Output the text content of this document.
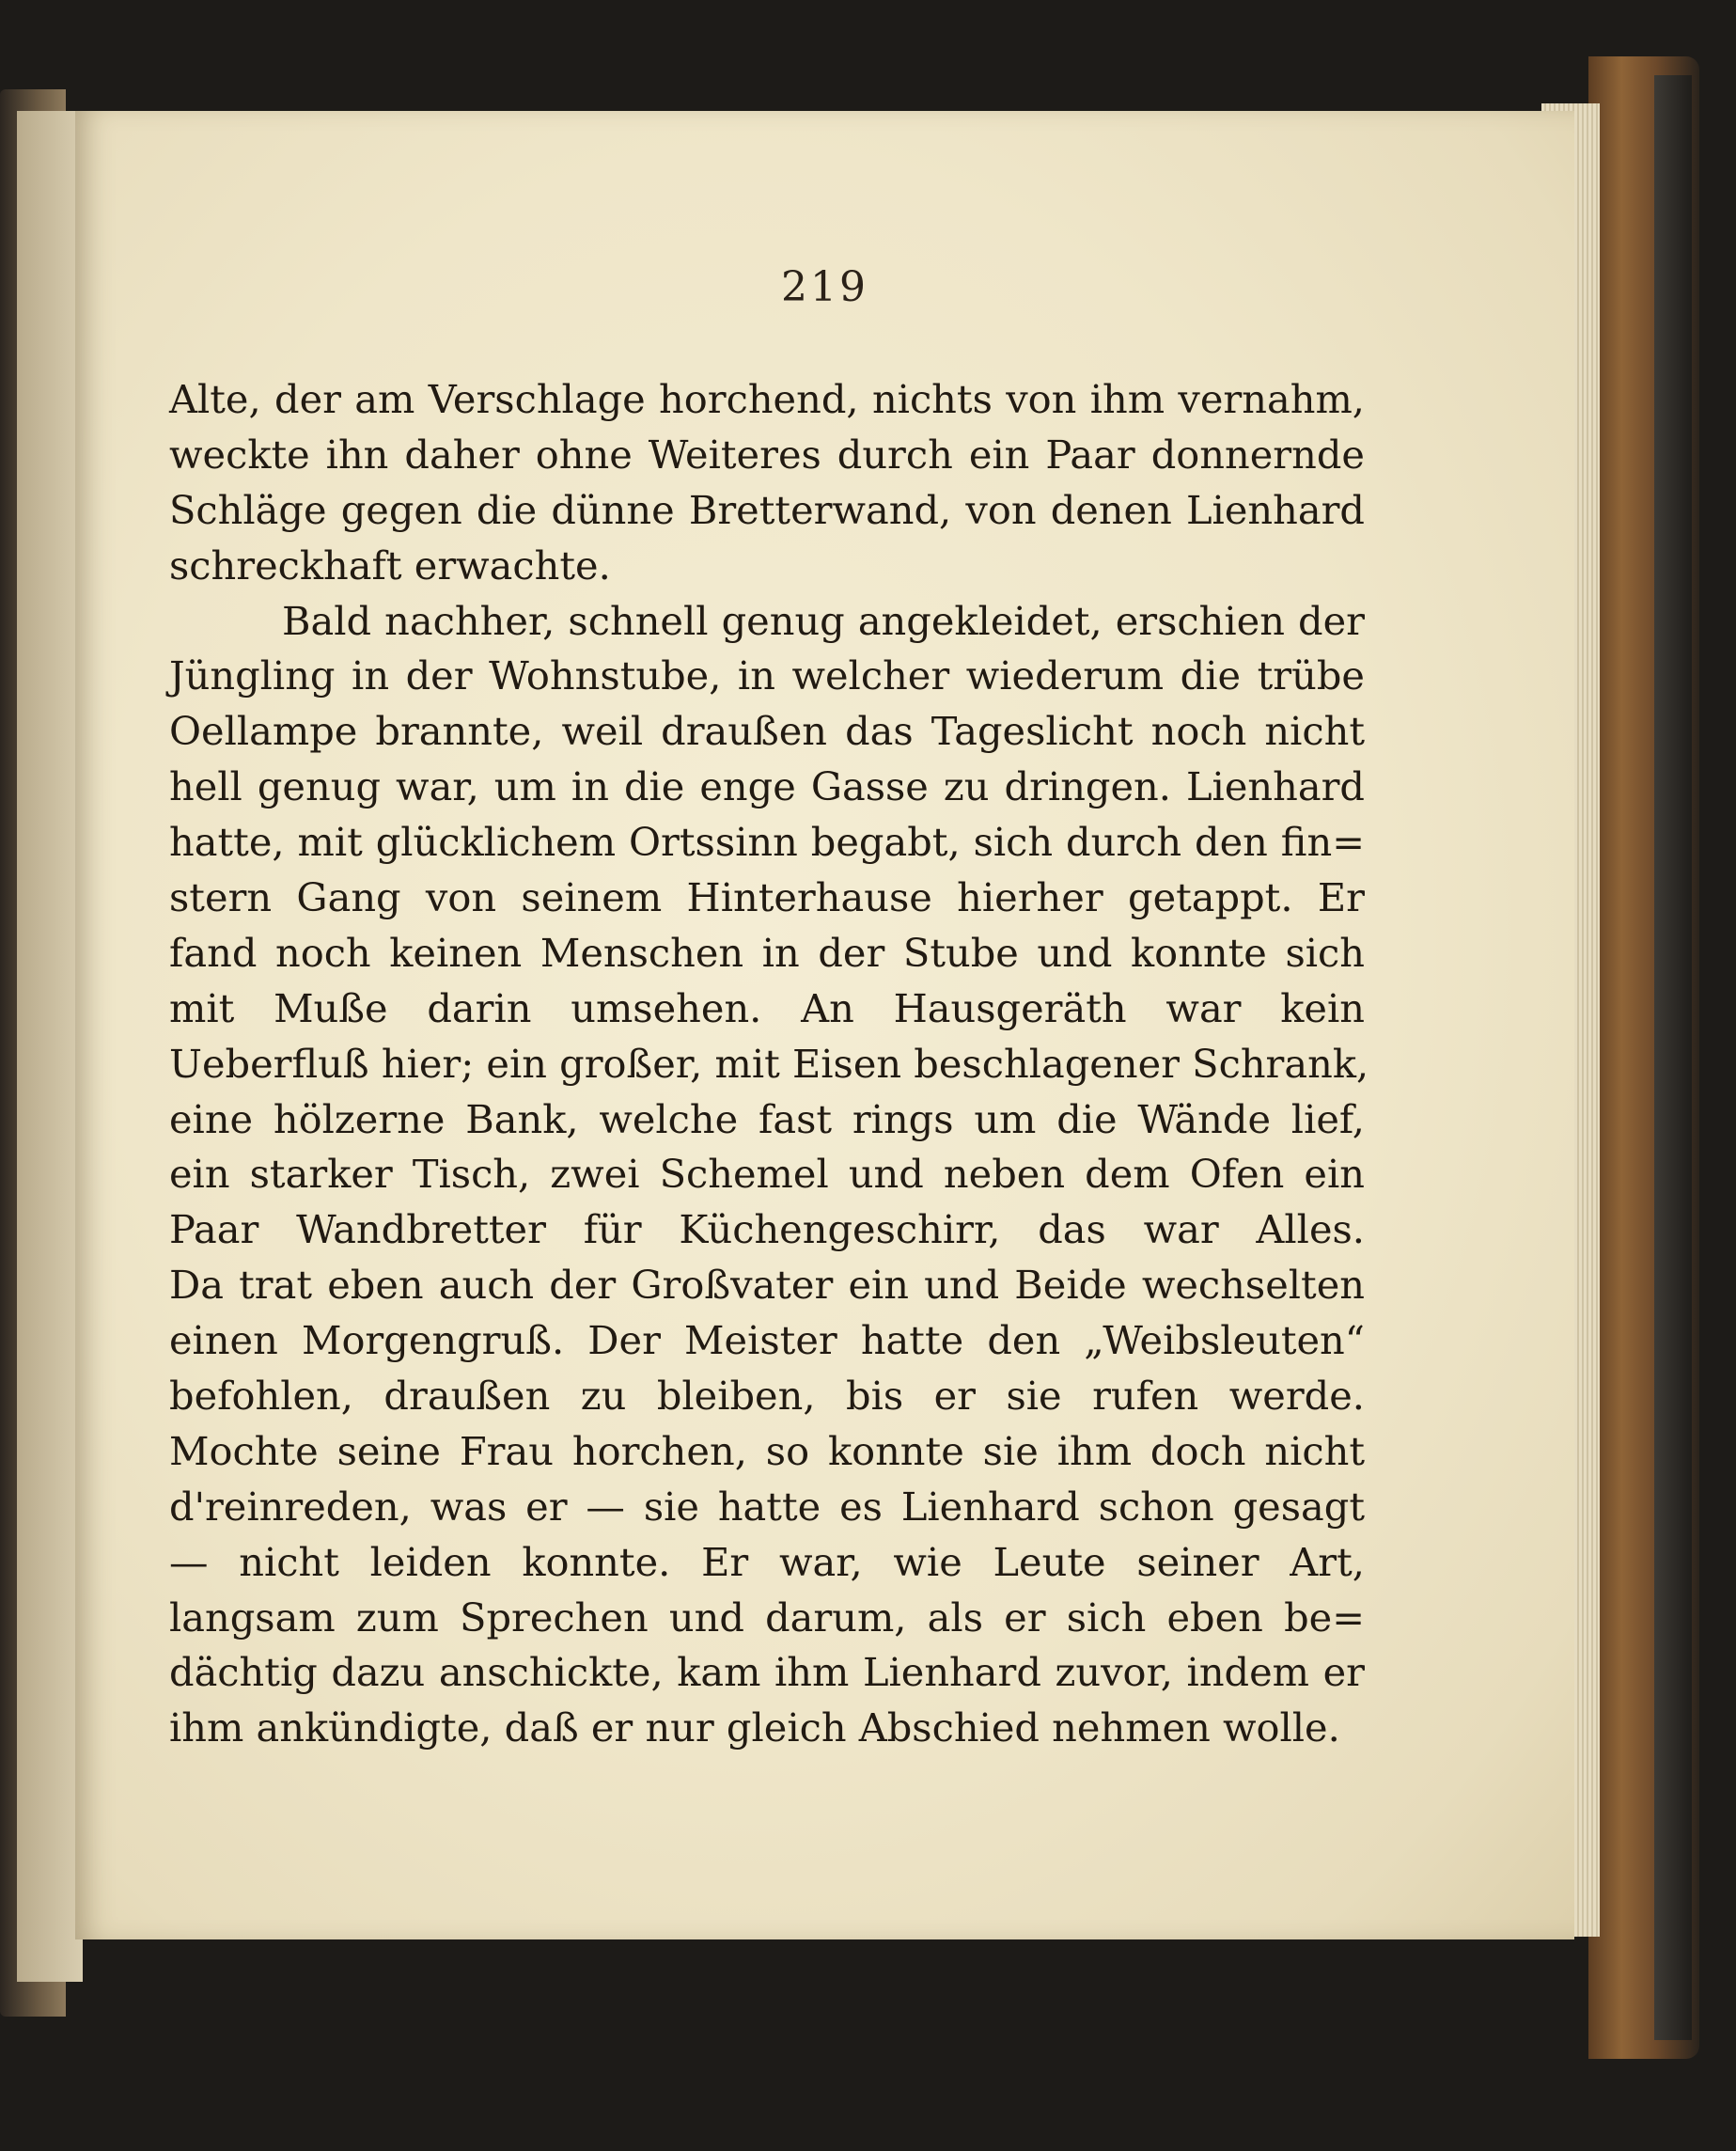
219
Alte, der am Verschlage horchend, nichts von ihm vernahm,
weckte ihn daher ohne Weiteres durch ein Paar donnernde
Schläge gegen die dünne Bretterwand, von denen Lienhard
schreckhaft erwachte.
Bald nachher, schnell genug angekleidet, erschien der
Jüngling in der Wohnstube, in welcher wiederum die trübe
Oellampe brannte, weil draußen das Tageslicht noch nicht
hell genug war, um in die enge Gasse zu dringen. Lienhard
hatte, mit glücklichem Ortssinn begabt, sich durch den fin=
stern Gang von seinem Hinterhause hierher getappt. Er
fand noch keinen Menschen in der Stube und konnte sich
mit Muße darin umsehen. An Hausgeräth war kein
Ueberfluß hier; ein großer, mit Eisen beschlagener Schrank,
eine hölzerne Bank, welche fast rings um die Wände lief,
ein starker Tisch, zwei Schemel und neben dem Ofen ein
Paar Wandbretter für Küchengeschirr, das war Alles.
Da trat eben auch der Großvater ein und Beide wechselten
einen Morgengruß. Der Meister hatte den „Weibsleuten“
befohlen, draußen zu bleiben, bis er sie rufen werde.
Mochte seine Frau horchen, so konnte sie ihm doch nicht
d'reinreden, was er — sie hatte es Lienhard schon gesagt
— nicht leiden konnte. Er war, wie Leute seiner Art,
langsam zum Sprechen und darum, als er sich eben be=
dächtig dazu anschickte, kam ihm Lienhard zuvor, indem er
ihm ankündigte, daß er nur gleich Abschied nehmen wolle.
